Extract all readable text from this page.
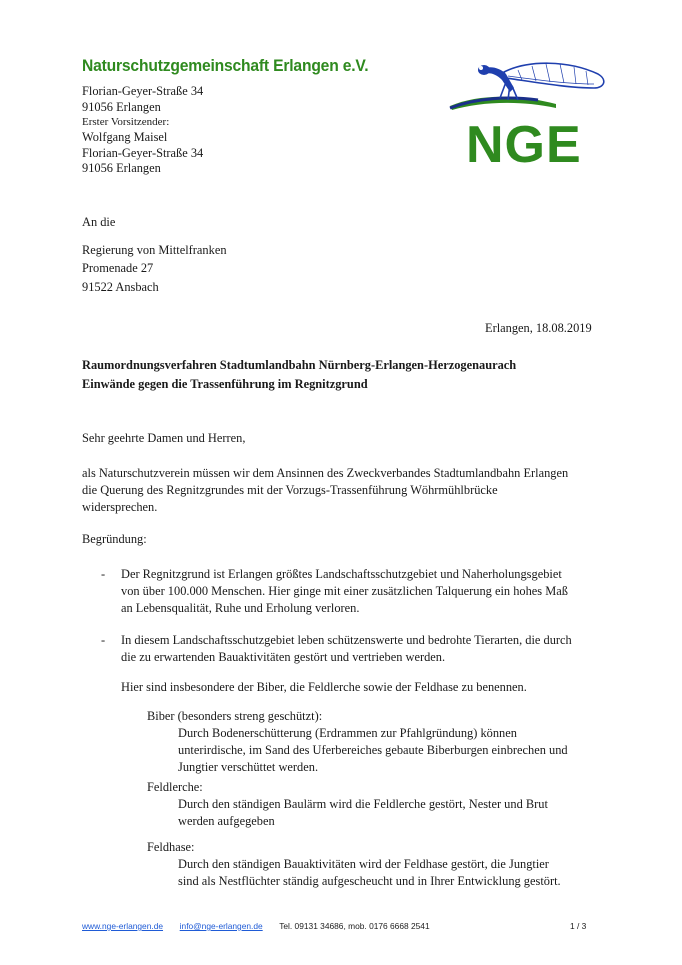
Naturschutzgemeinschaft Erlangen e.V.
Florian-Geyer-Straße 34
91056 Erlangen
Erster Vorsitzender:
Wolfgang Maisel
Florian-Geyer-Straße 34
91056 Erlangen	NGE
An die
Regierung von Mittelfranken
Promenade 27
91522 Ansbach
Erlangen, 18.08.2019
Raumordnungsverfahren Stadtumlandbahn Nürnberg-Erlangen-Herzogenaurach
Einwände gegen die Trassenführung im Regnitzgrund
Sehr geehrte Damen und Herren,
als Naturschutzverein müssen wir dem Ansinnen des Zweckverbandes Stadtumlandbahn Erlangen
die Querung des Regnitzgrundes mit der Vorzugs-Trassenführung Wöhrmühlbrücke
widersprechen.
Begründung:
- Der Regnitzgrund ist Erlangen größtes Landschaftsschutzgebiet und Naherholungsgebiet
von über 100.000 Menschen. Hier ginge mit einer zusätzlichen Talquerung ein hohes Maß
an Lebensqualität, Ruhe und Erholung verloren.
- In diesem Landschaftsschutzgebiet leben schützenswerte und bedrohte Tierarten, die durch
die zu erwartenden Bauaktivitäten gestört und vertrieben werden.
Hier sind insbesondere der Biber, die Feldlerche sowie der Feldhase zu benennen.
Biber (besonders streng geschützt):
Durch Bodenerschütterung (Erdrammen zur Pfahlgründung) können
unterirdische, im Sand des Uferbereiches gebaute Biberburgen einbrechen und
Jungtier verschüttet werden.
Feldlerche:
Durch den ständigen Baulärm wird die Feldlerche gestört, Nester und Brut
werden aufgegeben
Feldhase:
Durch den ständigen Bauaktivitäten wird der Feldhase gestört, die Jungtier
sind als Nestflüchter ständig aufgescheucht und in Ihrer Entwicklung gestört.
www.nge-erlangen.de info@nge-erlangen.de Tel. 09131 34686, mob. 0176 6668 2541	1 / 3
